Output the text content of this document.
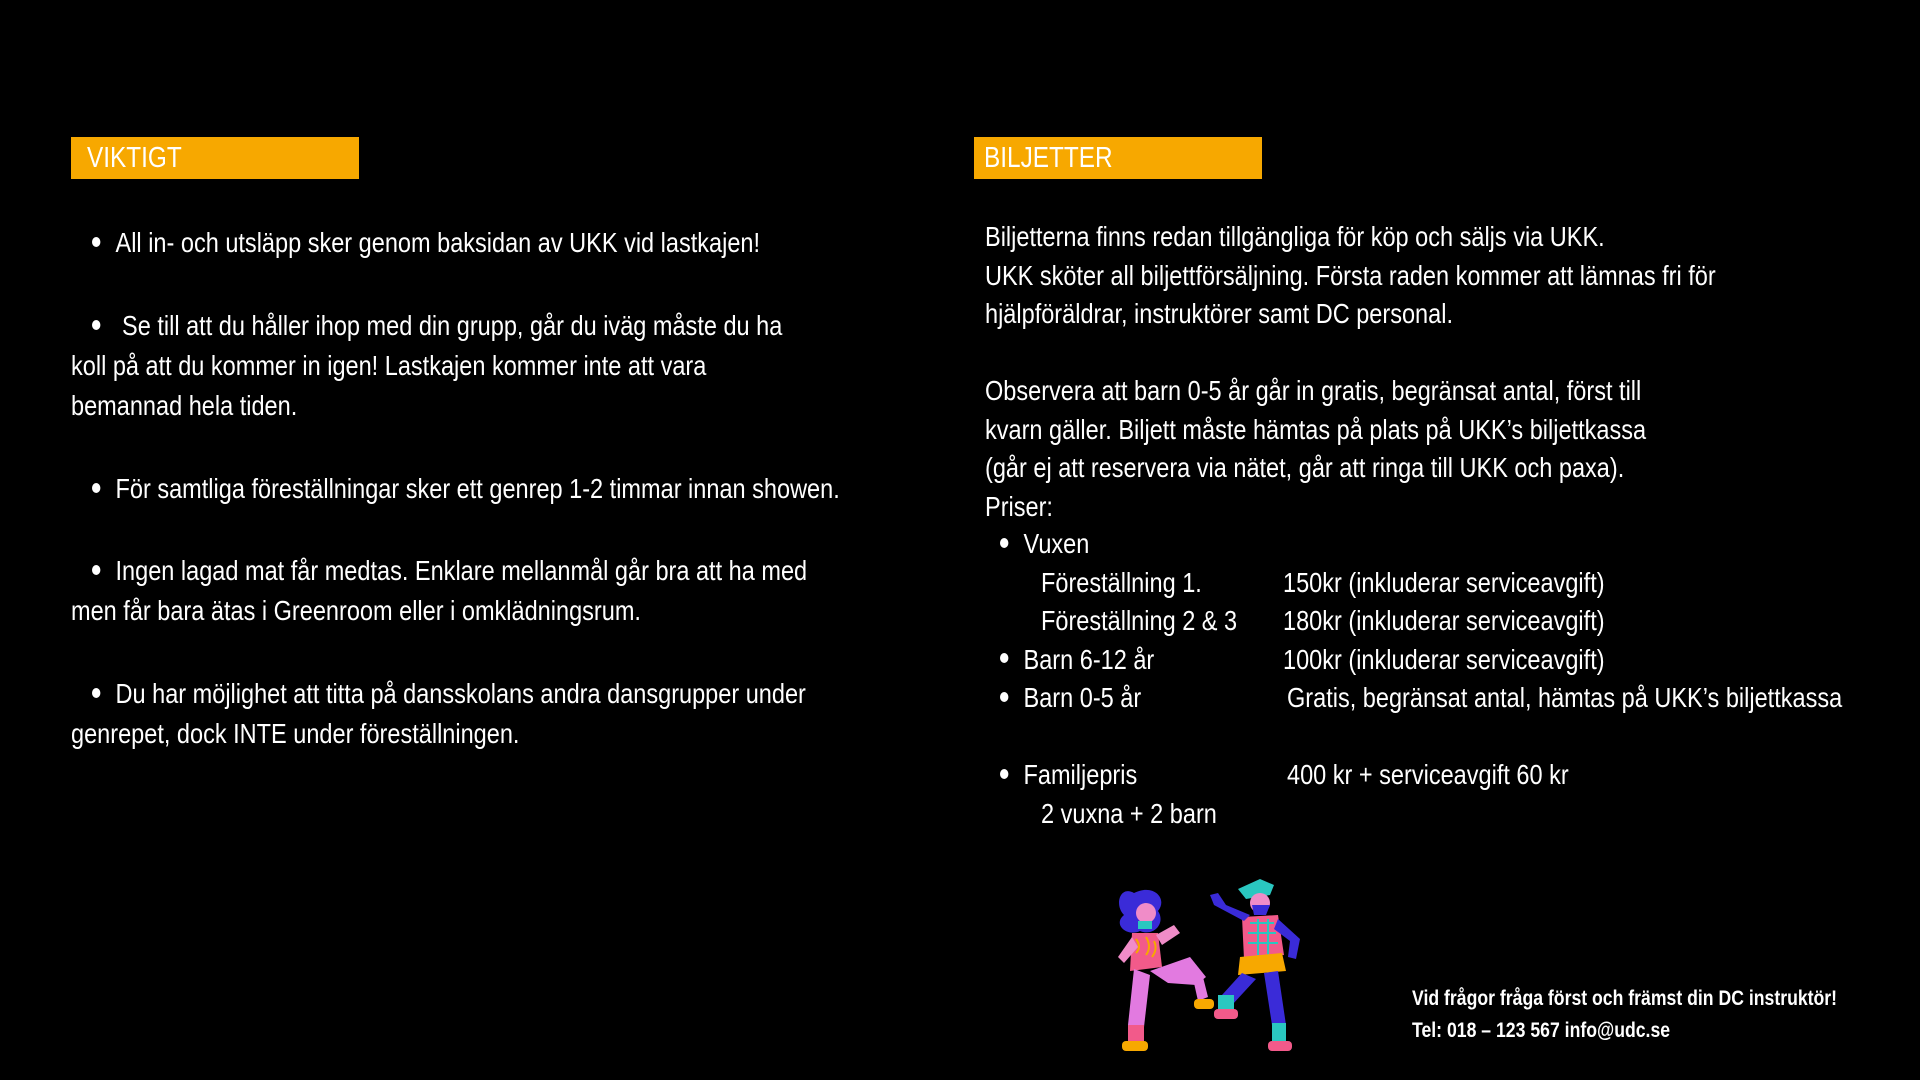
VIKTIGT
All in- och utsläpp sker genom baksidan av UKK vid lastkajen!
Se till att du håller ihop med din grupp, går du iväg måste du ha
koll på att du kommer in igen! Lastkajen kommer inte att vara
bemannad hela tiden.
För samtliga föreställningar sker ett genrep 1-2 timmar innan showen.
Ingen lagad mat får medtas. Enklare mellanmål går bra att ha med
men får bara ätas i Greenroom eller i omklädningsrum.
Du har möjlighet att titta på dansskolans andra dansgrupper under
genrepet, dock INTE under föreställningen.
BILJETTER
Biljetterna finns redan tillgängliga för köp och säljs via UKK.
UKK sköter all biljettförsäljning. Första raden kommer att lämnas fri för
hjälpföräldrar, instruktörer samt DC personal.
Observera att barn 0-5 år går in gratis, begränsat antal, först till
kvarn gäller. Biljett måste hämtas på plats på UKK’s biljettkassa
(går ej att reservera via nätet, går att ringa till UKK och paxa).
Priser:
Vuxen
Föreställning 1.	150kr (inkluderar serviceavgift)
Föreställning 2 & 3 180kr (inkluderar serviceavgift)
Barn 6-12 år	100kr (inkluderar serviceavgift)
Barn 0-5 år	Gratis, begränsat antal, hämtas på UKK’s biljettkassa
Familjepris	400 kr + serviceavgift 60 kr
2 vuxna + 2 barn
Vid frågor fråga först och främst din DC instruktör!
Tel: 018 – 123 567 info@udc.se
